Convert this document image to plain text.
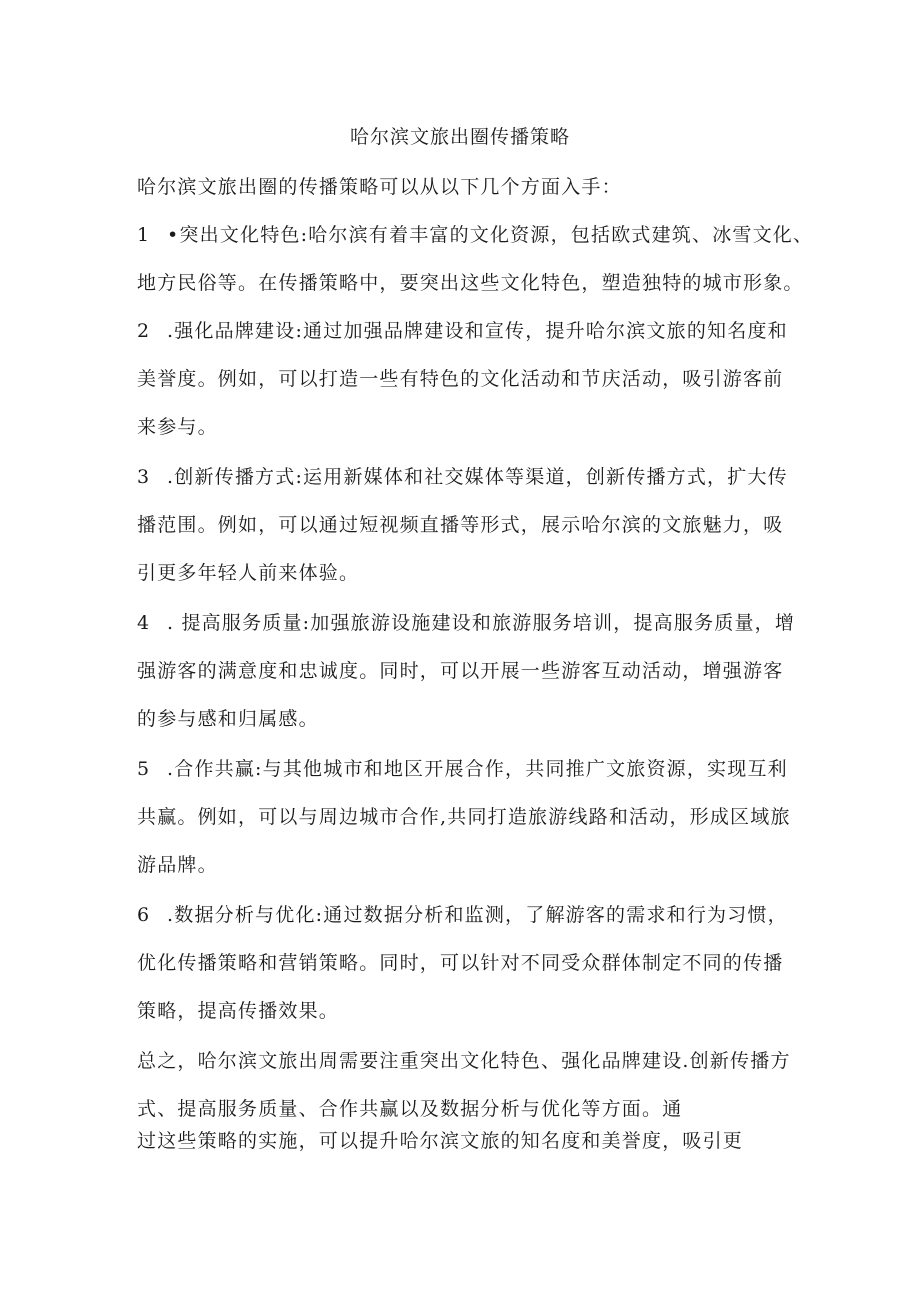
哈尔滨文旅出圈传播策略
哈尔滨文旅出圈的传播策略可以从以下几个方面入手：
1 •突出文化特色:哈尔滨有着丰富的文化资源，包括欧式建筑、冰雪文化、
地方民俗等。在传播策略中，要突出这些文化特色，塑造独特的城市形象。
2 .强化品牌建设:通过加强品牌建设和宣传，提升哈尔滨文旅的知名度和
美誉度。例如，可以打造一些有特色的文化活动和节庆活动，吸引游客前
来参与。
3 .创新传播方式:运用新媒体和社交媒体等渠道，创新传播方式，扩大传
播范围。例如，可以通过短视频直播等形式，展示哈尔滨的文旅魅力，吸
引更多年轻人前来体验。
4 . 提高服务质量:加强旅游设施建设和旅游服务培训，提高服务质量，增
强游客的满意度和忠诚度。同时，可以开展一些游客互动活动，增强游客
的参与感和归属感。
5 .合作共赢:与其他城市和地区开展合作，共同推广文旅资源，实现互利
共赢。例如，可以与周边城市合作,共同打造旅游线路和活动，形成区域旅
游品牌。
6 .数据分析与优化:通过数据分析和监测，了解游客的需求和行为习惯，
优化传播策略和营销策略。同时，可以针对不同受众群体制定不同的传播
策略，提高传播效果。
总之，哈尔滨文旅出周需要注重突出文化特色、强化品牌建设.创新传播方
式、提高服务质量、合作共赢以及数据分析与优化等方面。通
过这些策略的实施，可以提升哈尔滨文旅的知名度和美誉度，吸引更
